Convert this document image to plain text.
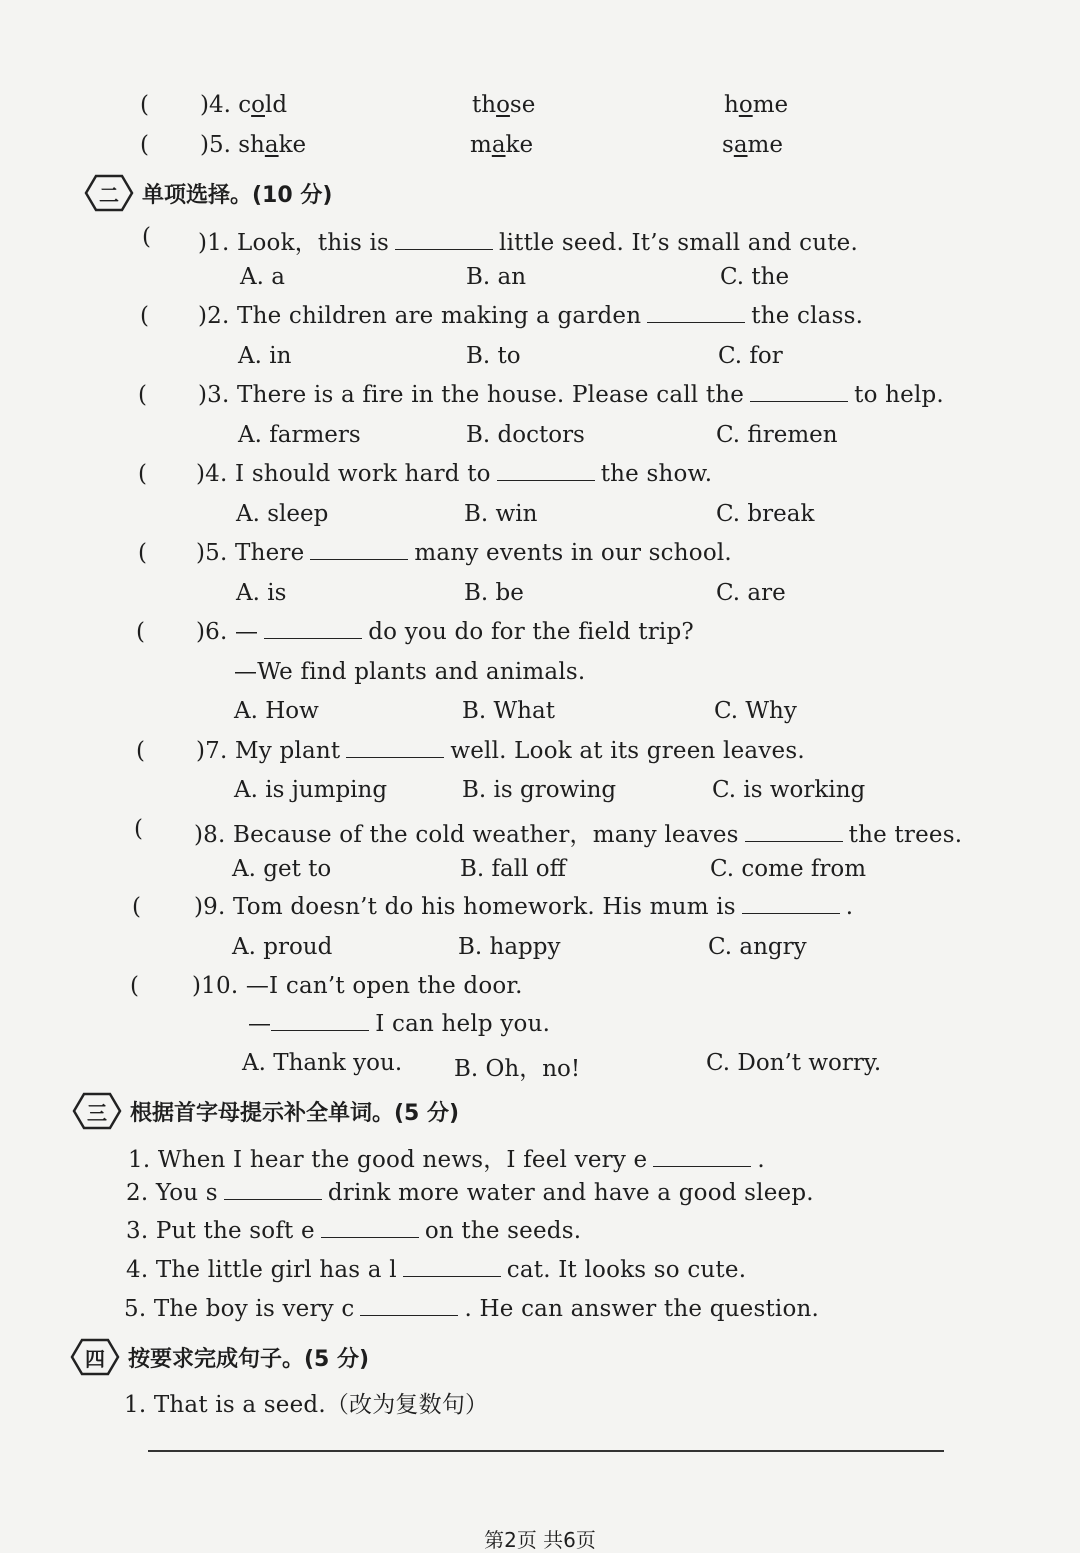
( )4. cold	those	home
( )5. shake	make	same
二 单项选择。(10 分)
( )1. Look，this is	little seed. It’s small and cute.
A. a	B. an	C. the
( )2. The children are making a garden	the class.
A. in	B. to	C. for
( )3. There is a fire in the house. Please call the	to help.
A. farmers	B. doctors	C. firemen
( )4. I should work hard to	the show.
A. sleep	B. win	C. break
( )5. There	many events in our school.
A. is	B. be	C. are
( )6. —	do you do for the field trip?
—We find plants and animals.
A. How	B. What	C. Why
( )7. My plant	well. Look at its green leaves.
A. is jumping	B. is growing	C. is working
( )8. Because of the cold weather，many leaves	the trees.
A. get to	B. fall off	C. come from
( )9. Tom doesn’t do his homework. His mum is	.
A. proud	B. happy	C. angry
( )10. —I can’t open the door.
—	I can help you.
A. Thank you. B. Oh，no!	C. Don’t worry.
三 根据首字母提示补全单词。(5 分)
1. When I hear the good news，I feel very e	.
2. You s	drink more water and have a good sleep.
3. Put the soft e	on the seeds.
4. The little girl has a l	cat. It looks so cute.
5. The boy is very c	. He can answer the question.
四 按要求完成句子。(5 分)
1. That is a seed.（改为复数句）
第2页 共6页
